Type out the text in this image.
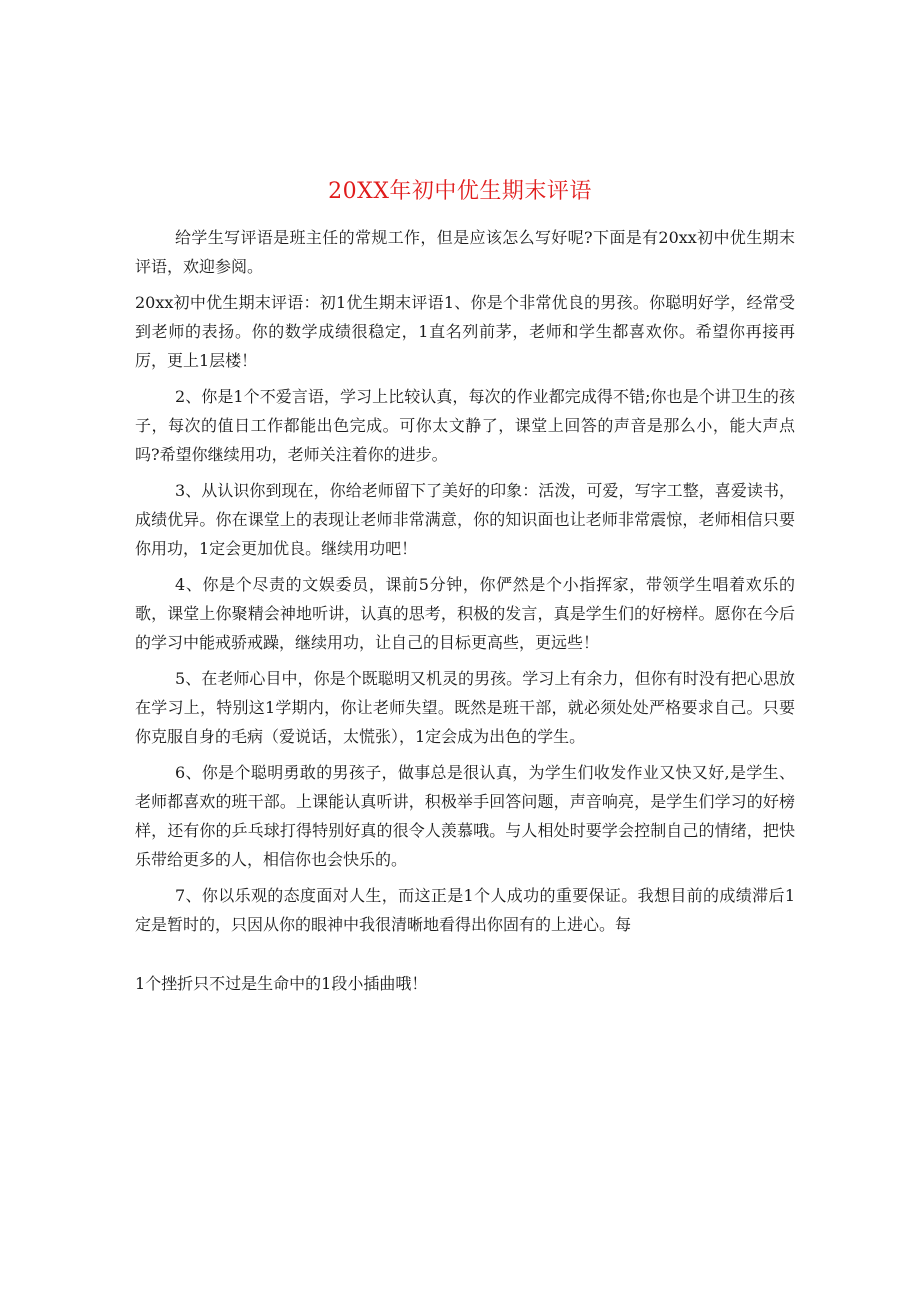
20XX年初中优生期末评语

给学生写评语是班主任的常规工作，但是应该怎么写好呢?下面是有20xx初中优生期末评语，欢迎参阅。

20xx初中优生期末评语：初1优生期末评语1、你是个非常优良的男孩。你聪明好学，经常受到老师的表扬。你的数学成绩很稳定，1直名列前茅，老师和学生都喜欢你。希望你再接再厉，更上1层楼！

2、你是1个不爱言语，学习上比较认真，每次的作业都完成得不错;你也是个讲卫生的孩子，每次的值日工作都能出色完成。可你太文静了，课堂上回答的声音是那么小，能大声点吗?希望你继续用功，老师关注着你的进步。

3、从认识你到现在，你给老师留下了美好的印象：活泼，可爱，写字工整，喜爱读书，成绩优异。你在课堂上的表现让老师非常满意，你的知识面也让老师非常震惊，老师相信只要你用功，1定会更加优良。继续用功吧！

4、你是个尽责的文娱委员，课前5分钟，你俨然是个小指挥家，带领学生唱着欢乐的歌，课堂上你聚精会神地听讲，认真的思考，积极的发言，真是学生们的好榜样。愿你在今后的学习中能戒骄戒躁，继续用功，让自己的目标更高些，更远些！

5、在老师心目中，你是个既聪明又机灵的男孩。学习上有余力，但你有时没有把心思放在学习上，特别这1学期内，你让老师失望。既然是班干部，就必须处处严格要求自己。只要你克服自身的毛病（爱说话，太慌张），1定会成为出色的学生。

6、你是个聪明勇敢的男孩子，做事总是很认真，为学生们收发作业又快又好,是学生、老师都喜欢的班干部。上课能认真听讲，积极举手回答问题，声音响亮，是学生们学习的好榜样，还有你的乒乓球打得特别好真的很令人羡慕哦。与人相处时要学会控制自己的情绪，把快乐带给更多的人，相信你也会快乐的。

7、你以乐观的态度面对人生，而这正是1个人成功的重要保证。我想目前的成绩滞后1定是暂时的，只因从你的眼神中我很清晰地看得出你固有的上进心。每

1个挫折只不过是生命中的1段小插曲哦！
